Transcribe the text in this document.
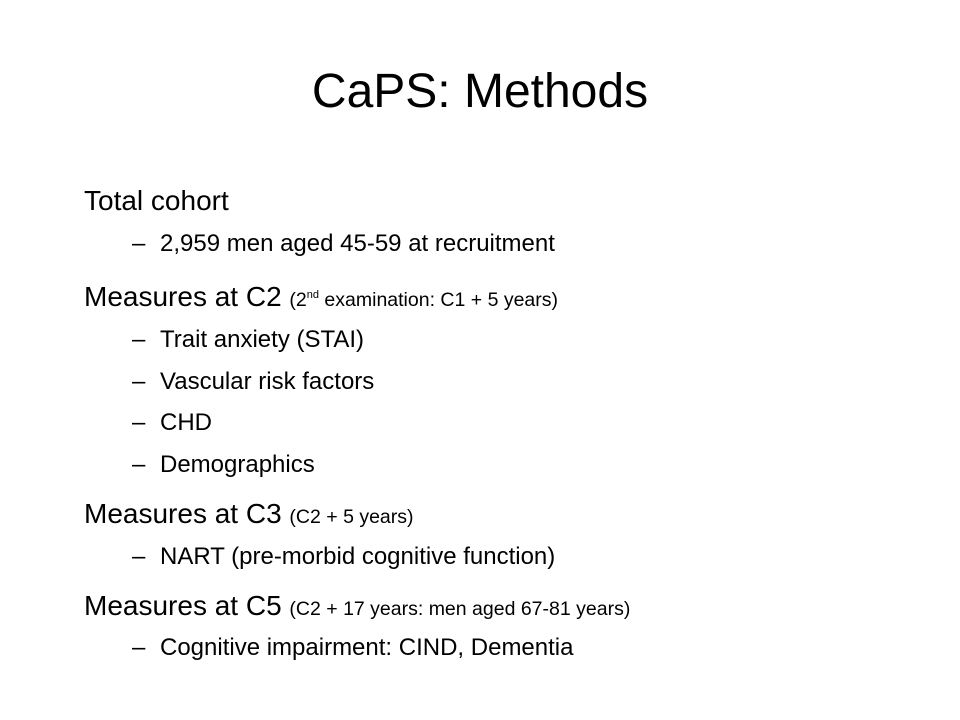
CaPS: Methods
Total cohort
– 2,959 men aged 45-59 at recruitment
Measures at C2 (2nd examination: C1 + 5 years)
– Trait anxiety (STAI)
– Vascular risk factors
– CHD
– Demographics
Measures at C3 (C2 + 5 years)
– NART (pre-morbid cognitive function)
Measures at C5 (C2 + 17 years: men aged 67-81 years)
– Cognitive impairment: CIND, Dementia
